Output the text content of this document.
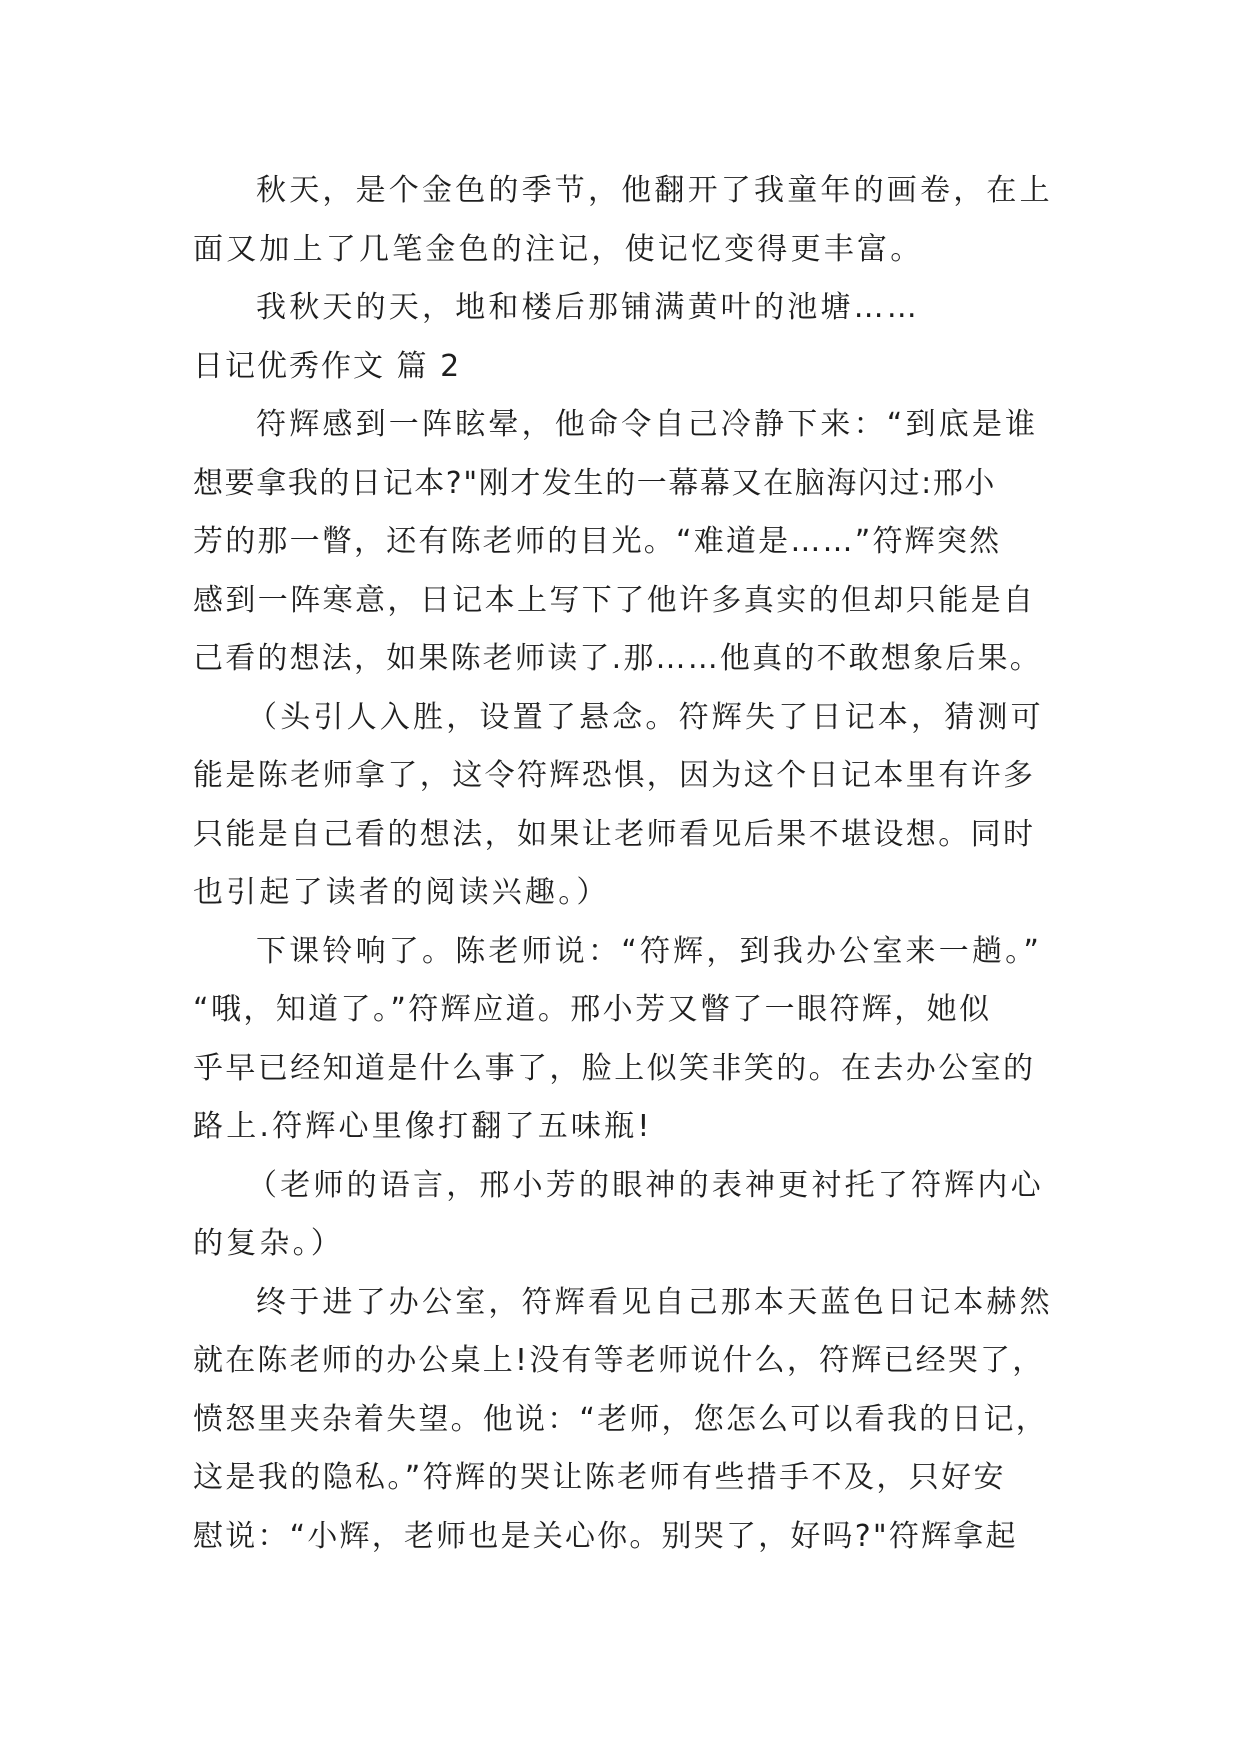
秋天，是个金色的季节，他翻开了我童年的画卷，在上
面又加上了几笔金色的注记，使记忆变得更丰富。
我秋天的天，地和楼后那铺满黄叶的池塘……
日记优秀作文 篇 2
符辉感到一阵眩晕，他命令自己冷静下来：“到底是谁
想要拿我的日记本?"刚才发生的一幕幕又在脑海闪过:邢小
芳的那一瞥，还有陈老师的目光。“难道是……”符辉突然
感到一阵寒意，日记本上写下了他许多真实的但却只能是自
己看的想法，如果陈老师读了.那……他真的不敢想象后果。
（头引人入胜，设置了悬念。符辉失了日记本，猜测可
能是陈老师拿了，这令符辉恐惧，因为这个日记本里有许多
只能是自己看的想法，如果让老师看见后果不堪设想。同时
也引起了读者的阅读兴趣。）
下课铃响了。陈老师说：“符辉，到我办公室来一趟。”
“哦，知道了。”符辉应道。邢小芳又瞥了一眼符辉，她似
乎早已经知道是什么事了，脸上似笑非笑的。在去办公室的
路上.符辉心里像打翻了五味瓶!
（老师的语言，邢小芳的眼神的表神更衬托了符辉内心
的复杂。）
终于进了办公室，符辉看见自己那本天蓝色日记本赫然
就在陈老师的办公桌上!没有等老师说什么，符辉已经哭了，
愤怒里夹杂着失望。他说：“老师，您怎么可以看我的日记，
这是我的隐私。”符辉的哭让陈老师有些措手不及，只好安
慰说：“小辉，老师也是关心你。别哭了，好吗?"符辉拿起
